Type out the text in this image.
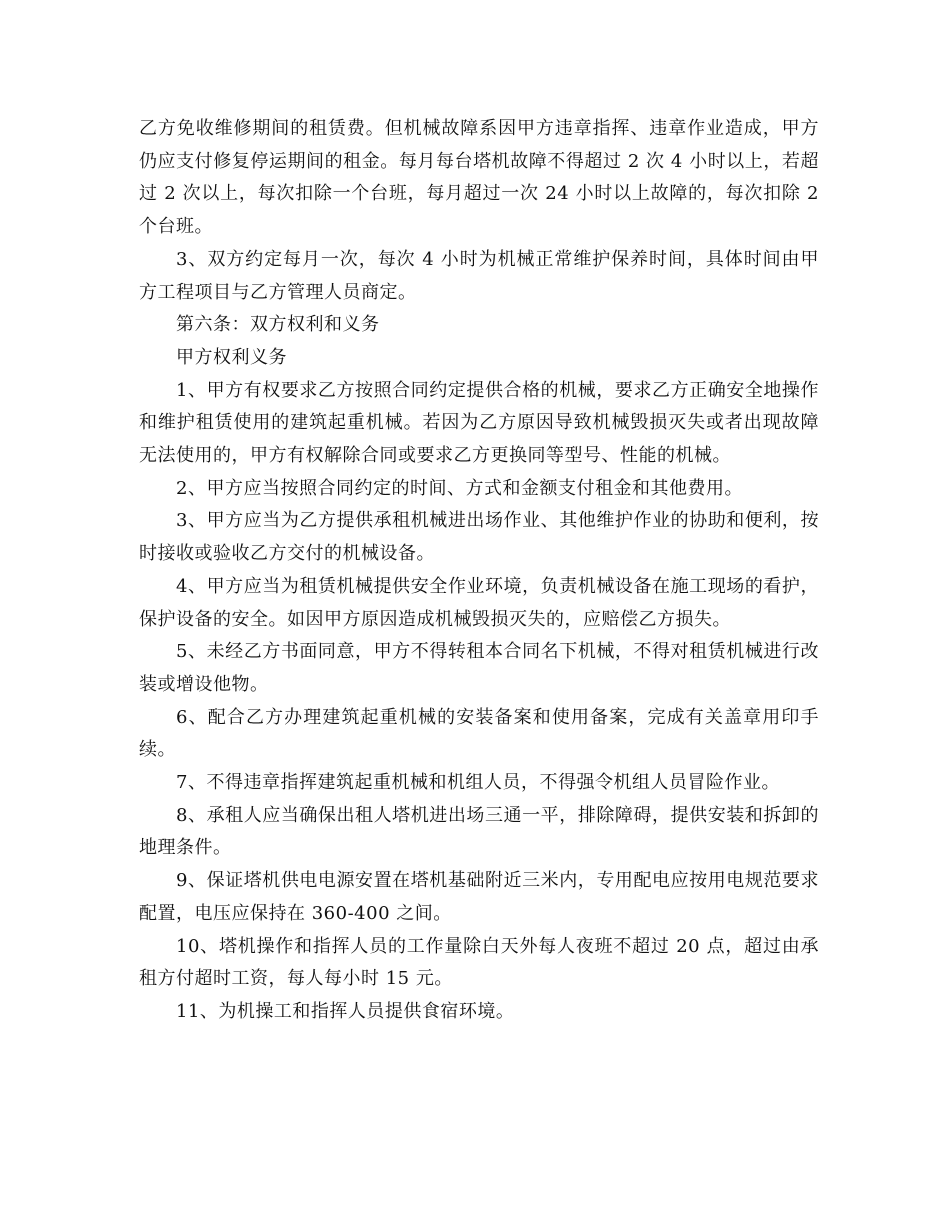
乙方免收维修期间的租赁费。但机械故障系因甲方违章指挥、违章作业造成，甲方仍应支付修复停运期间的租金。每月每台塔机故障不得超过 2 次 4 小时以上，若超过 2 次以上，每次扣除一个台班，每月超过一次 24 小时以上故障的，每次扣除 2 个台班。

3、双方约定每月一次，每次 4 小时为机械正常维护保养时间，具体时间由甲方工程项目与乙方管理人员商定。

第六条：双方权利和义务

甲方权利义务

1、甲方有权要求乙方按照合同约定提供合格的机械，要求乙方正确安全地操作和维护租赁使用的建筑起重机械。若因为乙方原因导致机械毁损灭失或者出现故障无法使用的，甲方有权解除合同或要求乙方更换同等型号、性能的机械。

2、甲方应当按照合同约定的时间、方式和金额支付租金和其他费用。

3、甲方应当为乙方提供承租机械进出场作业、其他维护作业的协助和便利，按时接收或验收乙方交付的机械设备。

4、甲方应当为租赁机械提供安全作业环境，负责机械设备在施工现场的看护，保护设备的安全。如因甲方原因造成机械毁损灭失的，应赔偿乙方损失。

5、未经乙方书面同意，甲方不得转租本合同名下机械，不得对租赁机械进行改装或增设他物。

6、配合乙方办理建筑起重机械的安装备案和使用备案，完成有关盖章用印手续。

7、不得违章指挥建筑起重机械和机组人员，不得强令机组人员冒险作业。

8、承租人应当确保出租人塔机进出场三通一平，排除障碍，提供安装和拆卸的地理条件。

9、保证塔机供电电源安置在塔机基础附近三米内，专用配电应按用电规范要求配置，电压应保持在 360-400 之间。

10、塔机操作和指挥人员的工作量除白天外每人夜班不超过 20 点，超过由承租方付超时工资，每人每小时 15 元。

11、为机操工和指挥人员提供食宿环境。
